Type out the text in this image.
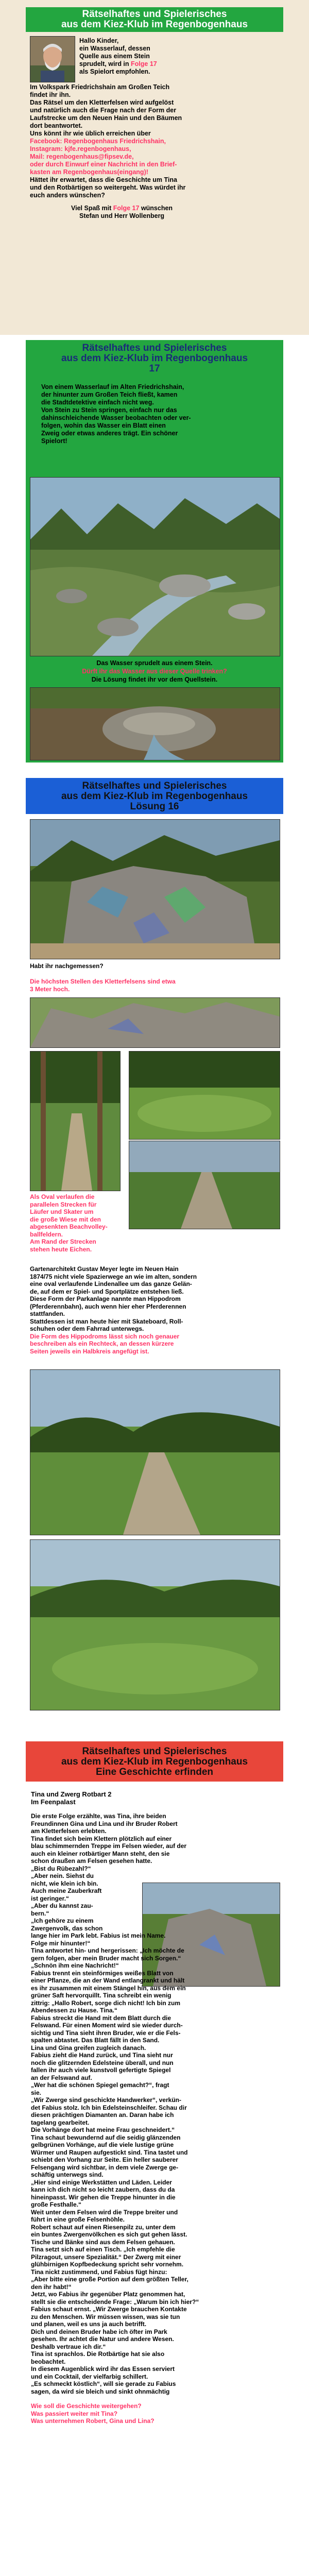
Rätselhaftes und Spielerisches
aus dem Kiez-Klub im Regenbogenhaus
Hallo Kinder,
ein Wasserlauf, dessen
Quelle aus einem Stein
sprudelt, wird in Folge 17
als Spielort empfohlen.
Im Volkspark Friedrichshain am Großen Teich
findet ihr ihn.
Das Rätsel um den Kletterfelsen wird aufgelöst
und natürlich auch die Frage nach der Form der
Laufstrecke um den Neuen Hain und den Bäumen
dort beantwortet.
Uns könnt ihr wie üblich erreichen über
Facebook: Regenbogenhaus Friedrichshain,
Instagram: kjfe.regenbogenhaus,
Mail: regenbogenhaus@fipsev.de,
oder durch Einwurf einer Nachricht in den Brief-
kasten am Regenbogenhaus(eingang)!
Hättet ihr erwartet, dass die Geschichte um Tina
und den Rotbärtigen so weitergeht. Was würdet ihr
euch anders wünschen?
Viel Spaß mit Folge 17 wünschen
Stefan und Herr Wollenberg
Rätselhaftes und Spielerisches
aus dem Kiez-Klub im Regenbogenhaus
17
Von einem Wasserlauf im Alten Friedrichshain,
der hinunter zum Großen Teich fließt, kamen
die Stadtdetektive einfach nicht weg.
Von Stein zu Stein springen, einfach nur das
dahinschleichende Wasser beobachten oder ver-
folgen, wohin das Wasser ein Blatt einen
Zweig oder etwas anderes trägt. Ein schöner
Spielort!
Das Wasser sprudelt aus einem Stein.
Dürft ihr das Wasser aus dieser Quelle trinken?
Die Lösung findet ihr vor dem Quellstein.
Rätselhaftes und Spielerisches
aus dem Kiez-Klub im Regenbogenhaus
Lösung 16
Habt ihr nachgemessen?
Die höchsten Stellen des Kletterfelsens sind etwa
3 Meter hoch.
Als Oval verlaufen die
parallelen Strecken für
Läufer und Skater um
die große Wiese mit den
abgesenkten Beachvolley-
ballfeldern.
Am Rand der Strecken
stehen heute Eichen.
Gartenarchitekt Gustav Meyer legte im Neuen Hain
1874/75 nicht viele Spazierwege an wie im alten, sondern
eine oval verlaufende Lindenallee um das ganze Gelän-
de, auf dem er Spiel- und Sportplätze entstehen ließ.
Diese Form der Parkanlage nannte man Hippodrom
(Pferderennbahn), auch wenn hier eher Pferderennen
stattfanden.
Stattdessen ist man heute hier mit Skateboard, Roll-
schuhen oder dem Fahrrad unterwegs.
Die Form des Hippodroms lässt sich noch genauer
beschreiben als ein Rechteck, an dessen kürzere
Seiten jeweils ein Halbkreis angefügt ist.
Rätselhaftes und Spielerisches
aus dem Kiez-Klub im Regenbogenhaus
Eine Geschichte erfinden
Tina und Zwerg Rotbart 2
Im Feenpalast
Die erste Folge erzählte, was Tina, ihre beiden
Freundinnen Gina und Lina und ihr Bruder Robert
am Kletterfelsen erlebten.
Tina findet sich beim Klettern plötzlich auf einer
blau schimmernden Treppe im Felsen wieder, auf der
auch ein kleiner rotbärtiger Mann steht, den sie
schon draußen am Felsen gesehen hatte.
„Bist du Rübezahl?“
„Aber nein. Siehst du
nicht, wie klein ich bin.
Auch meine Zauberkraft
ist geringer.“
„Aber du kannst zau-
bern.“
„Ich gehöre zu einem
Zwergenvolk, das schon
lange hier im Park lebt. Fabius ist mein Name.
Folge mir hinunter!“
Tina antwortet hin- und hergerissen: „Ich möchte de
gern folgen, aber mein Bruder macht sich Sorgen.“
„Schnön ihm eine Nachricht!“
Fabius trennt ein steinförmiges weißes Blatt von
einer Pflanze, die an der Wand entlangrankt und hält
es ihr zusammen mit einem Stängel hin, aus dem ein
grüner Saft hervorquillt. Tina schreibt ein wenig
zittrig: „Hallo Robert, sorge dich nicht! Ich bin zum
Abendessen zu Hause. Tina.“
Fabius streckt die Hand mit dem Blatt durch die
Felswand. Für einen Moment wird sie wieder durch-
sichtig und Tina sieht ihren Bruder, wie er die Fels-
spalten abtastet. Das Blatt fällt in den Sand.
Lina und Gina greifen zugleich danach.
Fabius zieht die Hand zurück, und Tina sieht nur
noch die glitzernden Edelsteine überall, und nun
fallen ihr auch viele kunstvoll gefertigte Spiegel
an der Felswand auf.
„Wer hat die schönen Spiegel gemacht?“, fragt
sie.
„Wir Zwerge sind geschickte Handwerker“, verkün-
det Fabius stolz. Ich bin Edelsteinschleifer. Schau dir
diesen prächtigen Diamanten an. Daran habe ich
tagelang gearbeitet.
Die Vorhänge dort hat meine Frau geschneidert.“
Tina schaut bewundernd auf die seidig glänzenden
gelbgrünen Vorhänge, auf die viele lustige grüne
Würmer und Raupen aufgestickt sind. Tina tastet und
schiebt den Vorhang zur Seite. Ein heller sauberer
Felsengang wird sichtbar, in dem viele Zwerge ge-
schäftig unterwegs sind.
„Hier sind einige Werkstätten und Läden. Leider
kann ich dich nicht so leicht zaubern, dass du da
hineinpasst. Wir gehen die Treppe hinunter in die
große Festhalle.“
Weit unter dem Felsen wird die Treppe breiter und
führt in eine große Felsenhöhle.
Robert schaut auf einen Riesenpilz zu, unter dem
ein buntes Zwergenvölkchen es sich gut gehen lässt.
Tische und Bänke sind aus dem Felsen gehauen.
Tina setzt sich auf einen Tisch. „Ich empfehle die
Pilzragout, unsere Spezialität.“ Der Zwerg mit einer
glühbirnigen Kopfbedeckung spricht sehr vornehm.
Tina nickt zustimmend, und Fabius fügt hinzu:
„Aber bitte eine große Portion auf dem größten Teller,
den ihr habt!“
Jetzt, wo Fabius ihr gegenüber Platz genommen hat,
stellt sie die entscheidende Frage: „Warum bin ich hier?“
Fabius schaut ernst. „Wir Zwerge brauchen Kontakte
zu den Menschen. Wir müssen wissen, was sie tun
und planen, weil es uns ja auch betrifft.
Dich und deinen Bruder habe ich öfter im Park
gesehen. Ihr achtet die Natur und andere Wesen.
Deshalb vertraue ich dir.“
Tina ist sprachlos. Die Rotbärtige hat sie also
beobachtet.
In diesem Augenblick wird ihr das Essen serviert
und ein Cocktail, der vielfarbig schillert.
„Es schmeckt köstlich“, will sie gerade zu Fabius
sagen, da wird sie bleich und sinkt ohnmächtig
Wie soll die Geschichte weitergehen?
Was passiert weiter mit Tina?
Was unternehmen Robert, Gina und Lina?
